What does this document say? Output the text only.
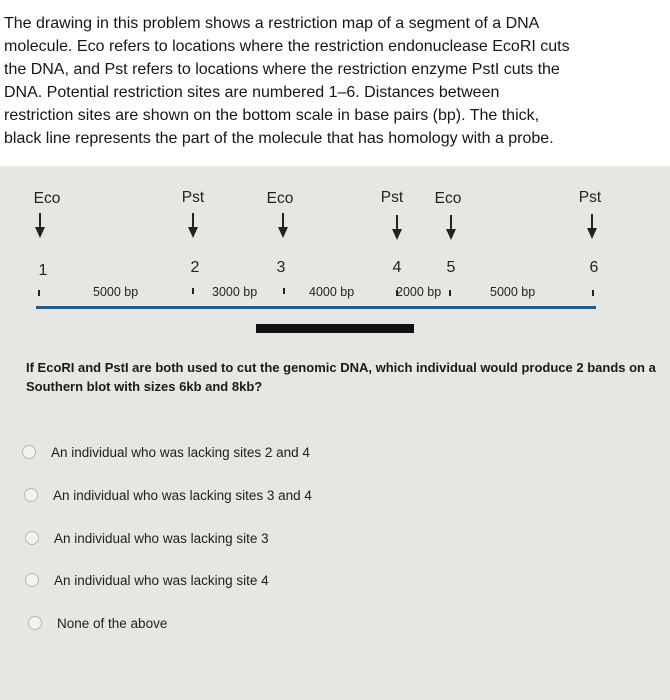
The drawing in this problem shows a restriction map of a segment of a DNA
molecule. Eco refers to locations where the restriction endonuclease EcoRI cuts
the DNA, and Pst refers to locations where the restriction enzyme PstI cuts the
DNA. Potential restriction sites are numbered 1–6. Distances between
restriction sites are shown on the bottom scale in base pairs (bp). The thick,
black line represents the part of the molecule that has homology with a probe.
Eco
1
Pst
2
Eco
3
Pst
4
Eco
5
Pst
6
5000 bp	3000 bp	4000 bp	2000 bp	5000 bp
If EcoRI and PstI are both used to cut the genomic DNA, which individual would produce 2 bands on a Southern blot with sizes 6kb and 8kb?
An individual who was lacking sites 2 and 4
An individual who was lacking sites 3 and 4
An individual who was lacking site 3
An individual who was lacking site 4
None of the above
